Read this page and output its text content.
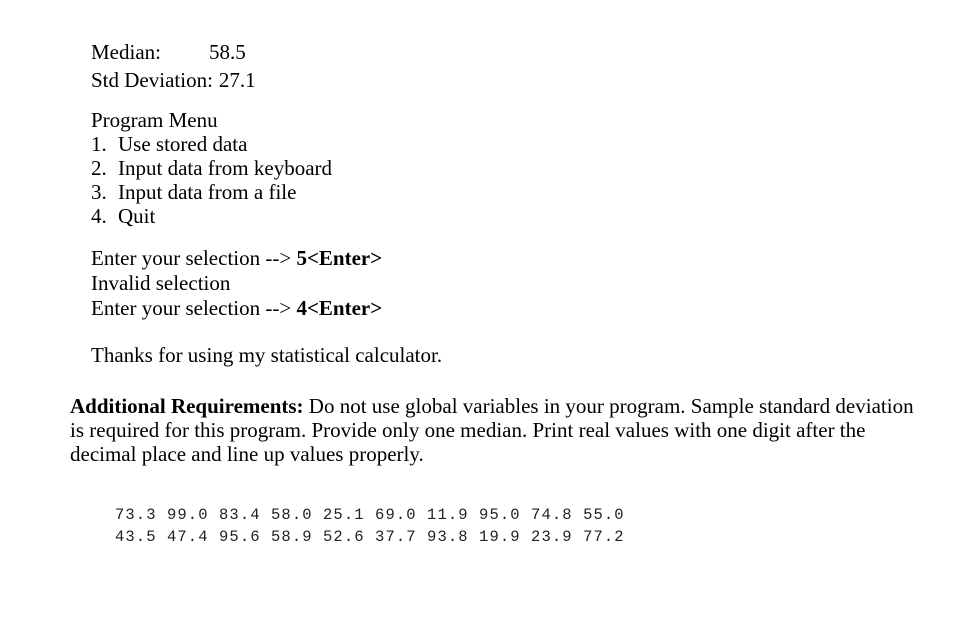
Median: 58.5
Std Deviation: 27.1
Program Menu
1. Use stored data
2. Input data from keyboard
3. Input data from a file
4. Quit
Enter your selection --> 5<Enter>
Invalid selection
Enter your selection --> 4<Enter>
Thanks for using my statistical calculator.
Additional Requirements: Do not use global variables in your program. Sample standard deviation is required for this program. Provide only one median. Print real values with one digit after the decimal place and line up values properly.
73.3 99.0 83.4 58.0 25.1 69.0 11.9 95.0 74.8 55.0
43.5 47.4 95.6 58.9 52.6 37.7 93.8 19.9 23.9 77.2
